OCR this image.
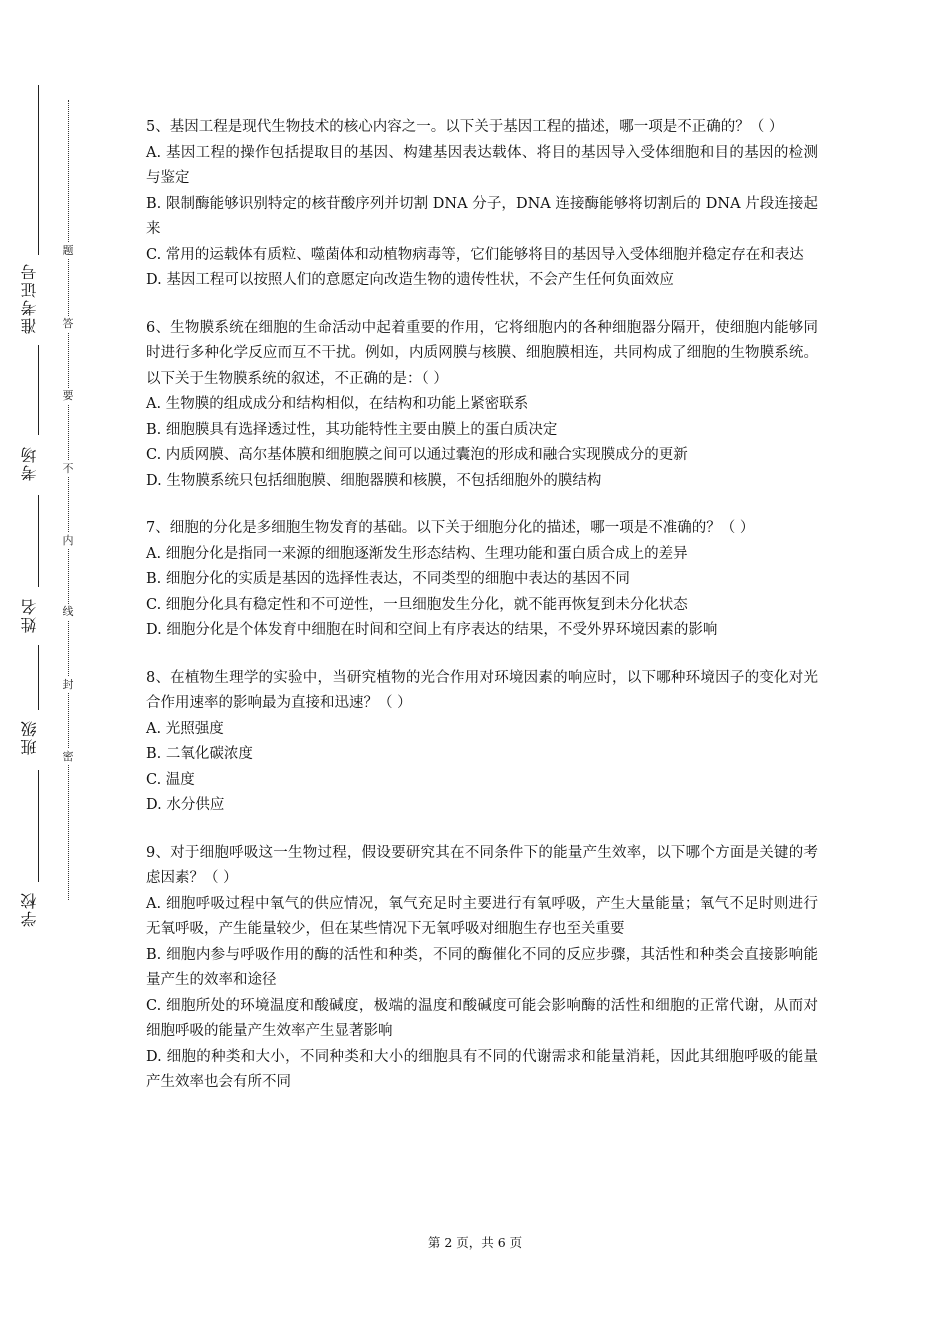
准考证号
考场
姓名
班级
学校
题
答
要
不
内
线
封
密

5、基因工程是现代生物技术的核心内容之一。以下关于基因工程的描述，哪一项是不正确的？（ ）

A. 基因工程的操作包括提取目的基因、构建基因表达载体、将目的基因导入受体细胞和目的基因的检测与鉴定

B. 限制酶能够识别特定的核苷酸序列并切割 DNA 分子，DNA 连接酶能够将切割后的 DNA 片段连接起来

C. 常用的运载体有质粒、噬菌体和动植物病毒等，它们能够将目的基因导入受体细胞并稳定存在和表达

D. 基因工程可以按照人们的意愿定向改造生物的遗传性状，不会产生任何负面效应

6、生物膜系统在细胞的生命活动中起着重要的作用，它将细胞内的各种细胞器分隔开，使细胞内能够同时进行多种化学反应而互不干扰。例如，内质网膜与核膜、细胞膜相连，共同构成了细胞的生物膜系统。以下关于生物膜系统的叙述，不正确的是：（ ）

A. 生物膜的组成成分和结构相似，在结构和功能上紧密联系

B. 细胞膜具有选择透过性，其功能特性主要由膜上的蛋白质决定

C. 内质网膜、高尔基体膜和细胞膜之间可以通过囊泡的形成和融合实现膜成分的更新

D. 生物膜系统只包括细胞膜、细胞器膜和核膜，不包括细胞外的膜结构

7、细胞的分化是多细胞生物发育的基础。以下关于细胞分化的描述，哪一项是不准确的？（ ）

A. 细胞分化是指同一来源的细胞逐渐发生形态结构、生理功能和蛋白质合成上的差异

B. 细胞分化的实质是基因的选择性表达，不同类型的细胞中表达的基因不同

C. 细胞分化具有稳定性和不可逆性，一旦细胞发生分化，就不能再恢复到未分化状态

D. 细胞分化是个体发育中细胞在时间和空间上有序表达的结果，不受外界环境因素的影响

8、在植物生理学的实验中，当研究植物的光合作用对环境因素的响应时，以下哪种环境因子的变化对光合作用速率的影响最为直接和迅速？（ ）

A. 光照强度

B. 二氧化碳浓度

C. 温度

D. 水分供应

9、对于细胞呼吸这一生物过程，假设要研究其在不同条件下的能量产生效率，以下哪个方面是关键的考虑因素？（ ）

A. 细胞呼吸过程中氧气的供应情况，氧气充足时主要进行有氧呼吸，产生大量能量；氧气不足时则进行无氧呼吸，产生能量较少，但在某些情况下无氧呼吸对细胞生存也至关重要

B. 细胞内参与呼吸作用的酶的活性和种类，不同的酶催化不同的反应步骤，其活性和种类会直接影响能量产生的效率和途径

C. 细胞所处的环境温度和酸碱度，极端的温度和酸碱度可能会影响酶的活性和细胞的正常代谢，从而对细胞呼吸的能量产生效率产生显著影响

D. 细胞的种类和大小，不同种类和大小的细胞具有不同的代谢需求和能量消耗，因此其细胞呼吸的能量产生效率也会有所不同

第 2 页，共 6 页
